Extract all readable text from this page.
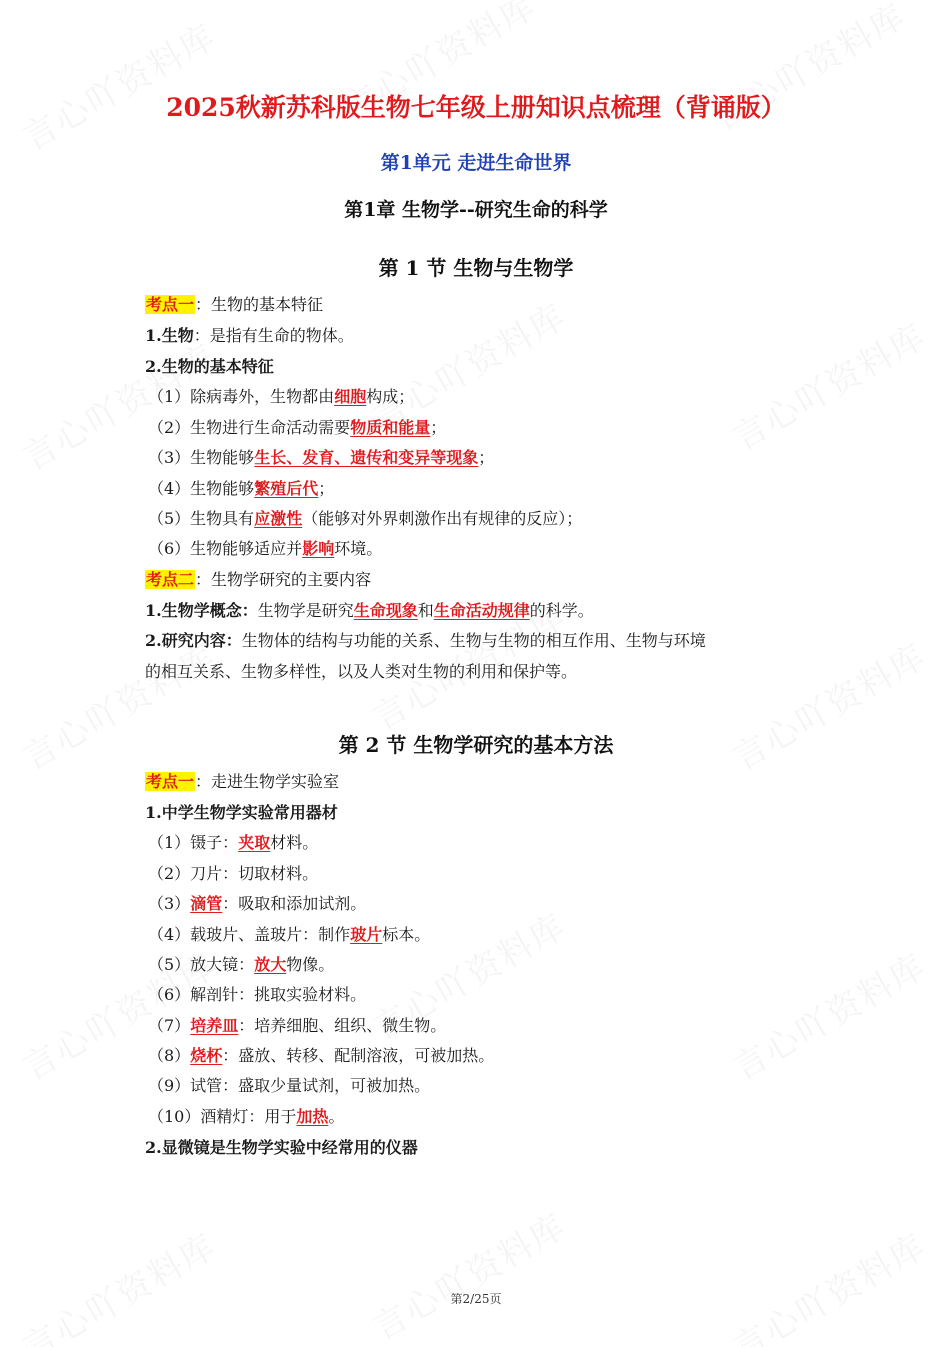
2025秋新苏科版生物七年级上册知识点梳理（背诵版）
第1单元 走进生命世界
第1章 生物学--研究生命的科学
第 1 节 生物与生物学
考点一：生物的基本特征
1.生物：是指有生命的物体。
2.生物的基本特征
（1）除病毒外，生物都由细胞构成；
（2）生物进行生命活动需要物质和能量；
（3）生物能够生长、发育、遗传和变异等现象；
（4）生物能够繁殖后代；
（5）生物具有应激性（能够对外界刺激作出有规律的反应）；
（6）生物能够适应并影响环境。
考点二：生物学研究的主要内容
1.生物学概念：生物学是研究生命现象和生命活动规律的科学。
2.研究内容：生物体的结构与功能的关系、生物与生物的相互作用、生物与环境
的相互关系、生物多样性，以及人类对生物的利用和保护等。
第 2 节 生物学研究的基本方法
考点一：走进生物学实验室
1.中学生物学实验常用器材
（1）镊子：夹取材料。
（2）刀片：切取材料。
（3）滴管：吸取和添加试剂。
（4）载玻片、盖玻片：制作玻片标本。
（5）放大镜：放大物像。
（6）解剖针：挑取实验材料。
（7）培养皿：培养细胞、组织、微生物。
（8）烧杯：盛放、转移、配制溶液，可被加热。
（9）试管：盛取少量试剂，可被加热。
（10）酒精灯：用于加热。
2.显微镜是生物学实验中经常用的仪器
第2/25页
